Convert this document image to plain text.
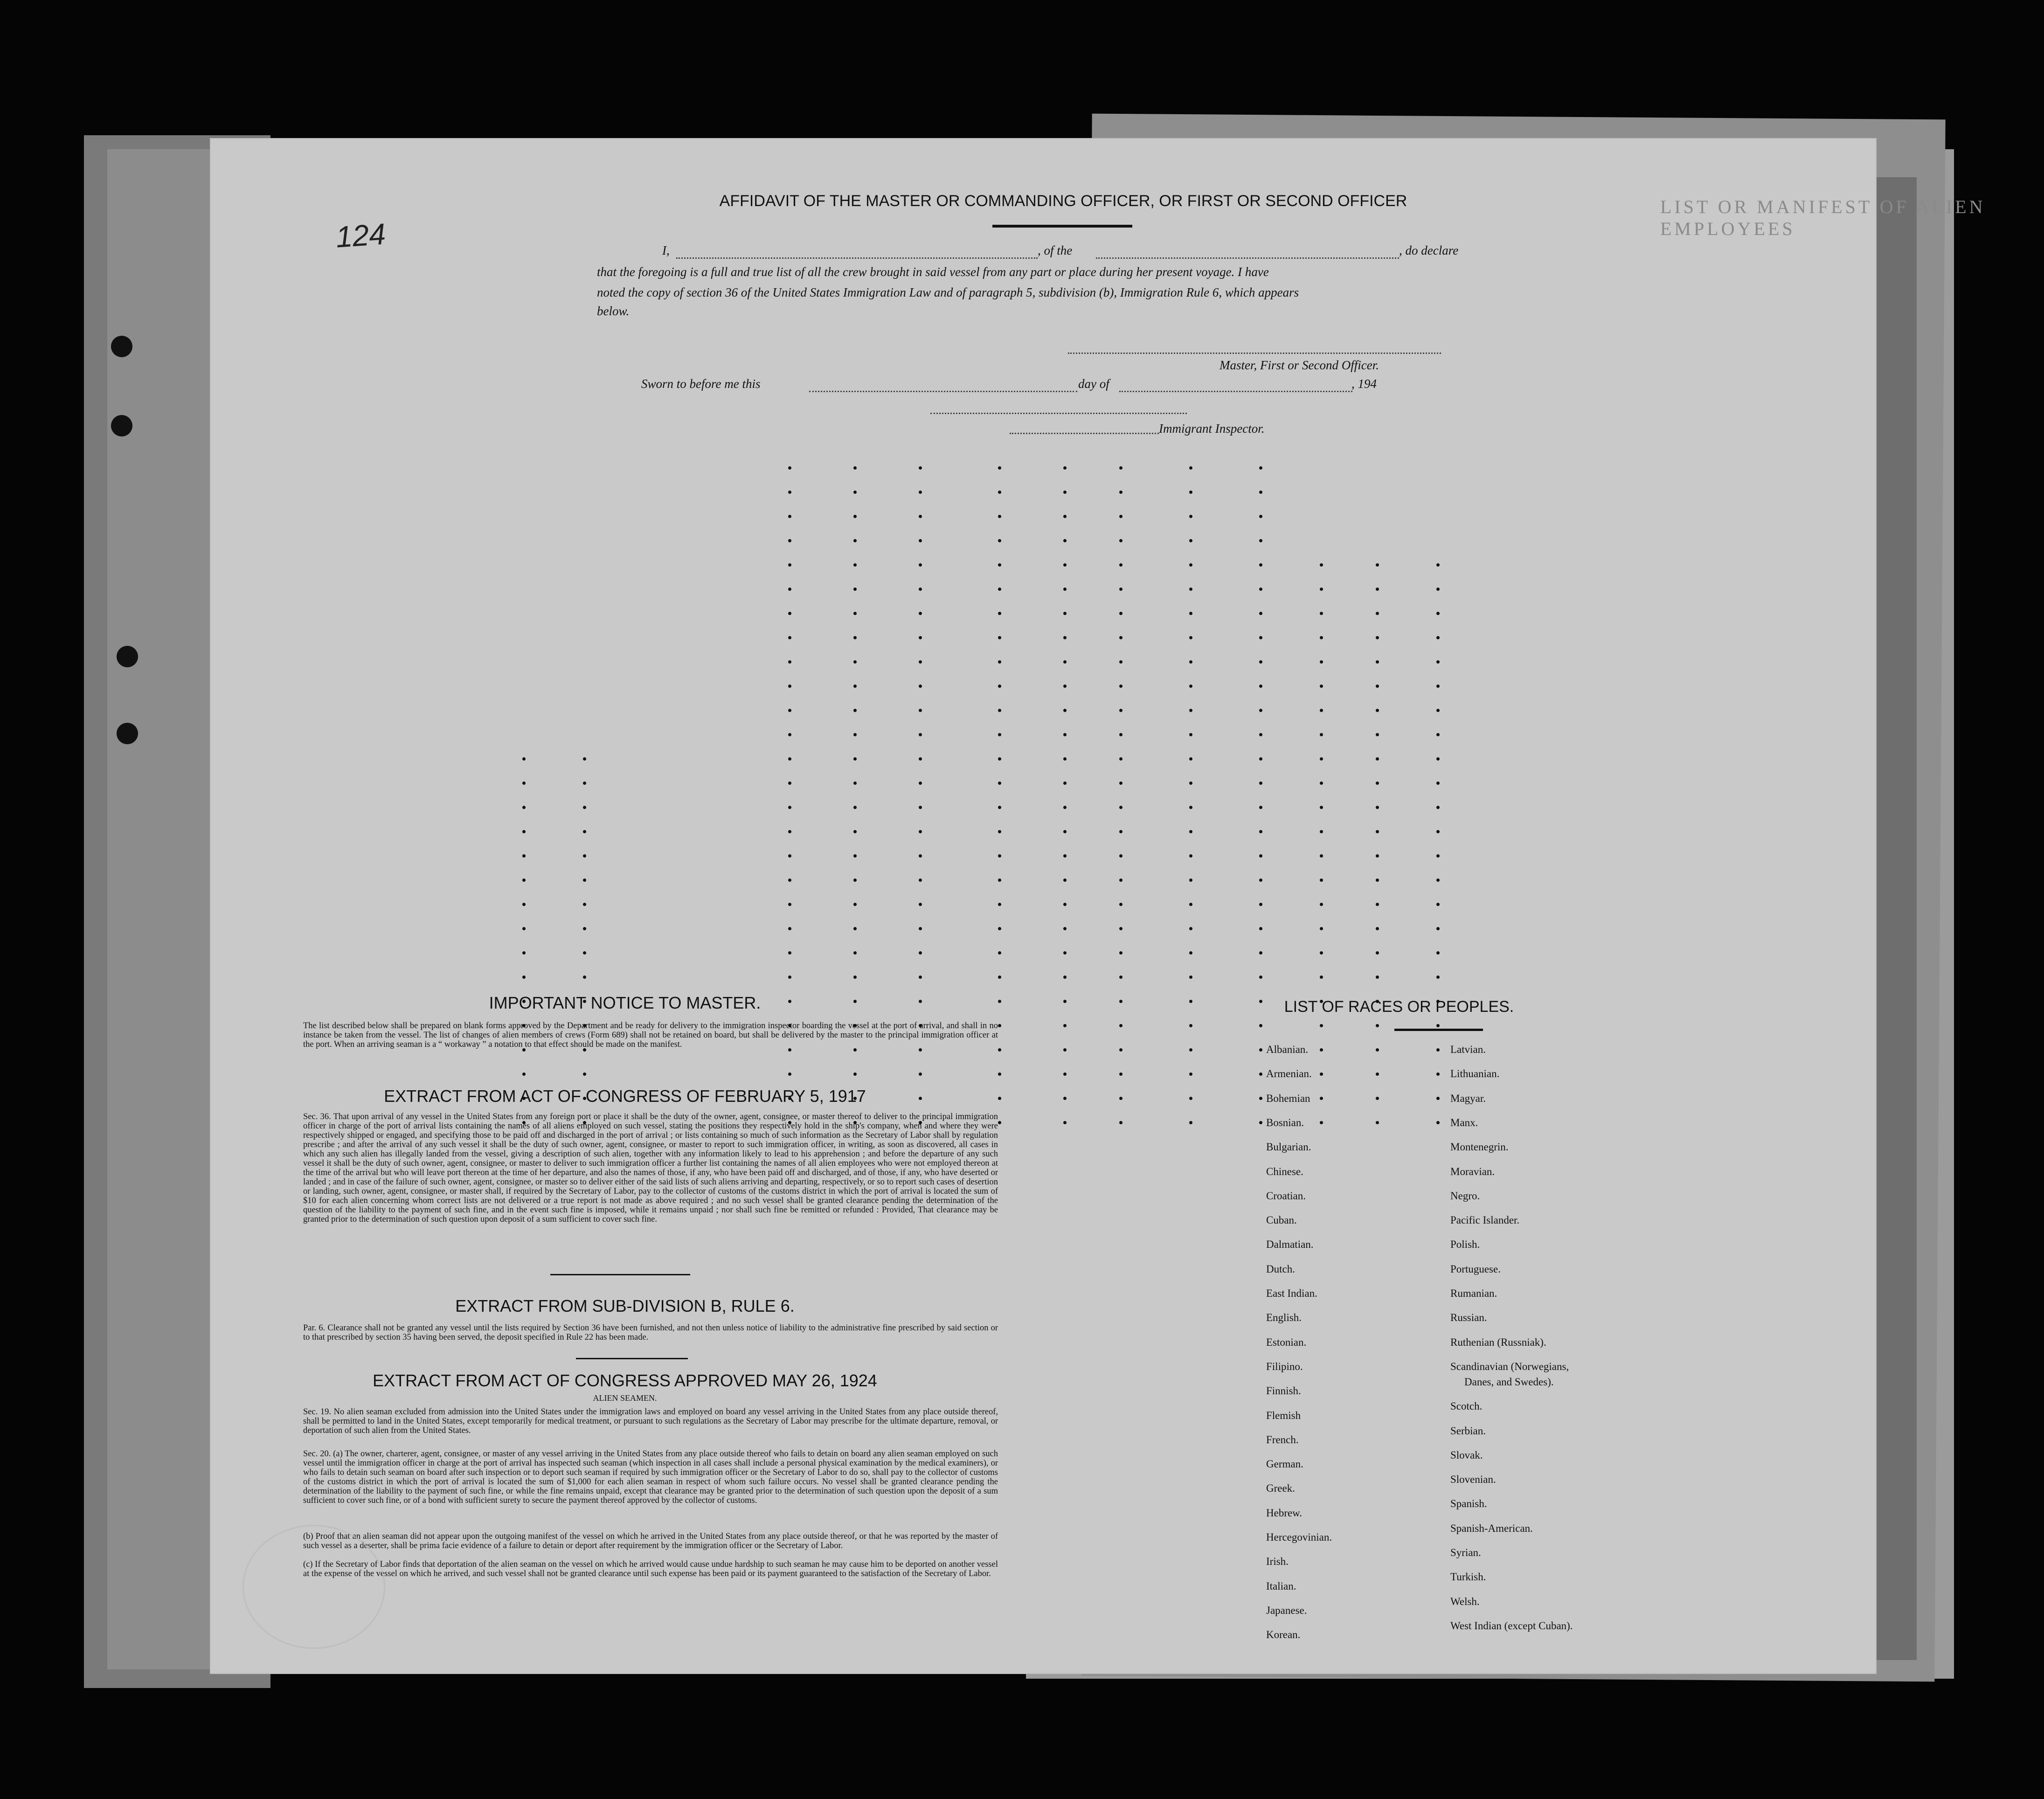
LIST OR MANIFEST OF ALIEN EMPLOYEES
124
AFFIDAVIT OF THE MASTER OR COMMANDING OFFICER, OR FIRST OR SECOND OFFICER
I,	, of the	, do declare
that the foregoing is a full and true list of all the crew brought in said vessel from any part or place during her present voyage. I have
noted the copy of section 36 of the United States Immigration Law and of paragraph 5, subdivision (b), Immigration Rule 6, which appears
below.
Master, First or Second Officer.
Sworn to before me this	day of	, 194
Immigrant Inspector.
IMPORTANT NOTICE TO MASTER.
The list described below shall be prepared on blank forms approved by the Department and be ready for delivery to the immigration inspector boarding the vessel at the port of arrival, and shall in no instance be taken from the vessel. The list of changes of alien members of crews (Form 689) shall not be retained on board, but shall be delivered by the master to the principal immigration officer at the port. When an arriving seaman is a “ workaway ” a notation to that effect should be made on the manifest.
EXTRACT FROM ACT OF CONGRESS OF FEBRUARY 5, 1917
Sec. 36. That upon arrival of any vessel in the United States from any foreign port or place it shall be the duty of the owner, agent, consignee, or master thereof to deliver to the principal immigration officer in charge of the port of arrival lists containing the names of all aliens employed on such vessel, stating the positions they respectively hold in the ship's company, when and where they were respectively shipped or engaged, and specifying those to be paid off and discharged in the port of arrival ; or lists containing so much of such information as the Secretary of Labor shall by regulation prescribe ; and after the arrival of any such vessel it shall be the duty of such owner, agent, consignee, or master to report to such immigration officer, in writing, as soon as discovered, all cases in which any such alien has illegally landed from the vessel, giving a description of such alien, together with any information likely to lead to his apprehension ; and before the departure of any such vessel it shall be the duty of such owner, agent, consignee, or master to deliver to such immigration officer a further list containing the names of all alien employees who were not employed thereon at the time of the arrival but who will leave port thereon at the time of her departure, and also the names of those, if any, who have been paid off and discharged, and of those, if any, who have deserted or landed ; and in case of the failure of such owner, agent, consignee, or master so to deliver either of the said lists of such aliens arriving and departing, respectively, or so to report such cases of desertion or landing, such owner, agent, consignee, or master shall, if required by the Secretary of Labor, pay to the collector of customs of the customs district in which the port of arrival is located the sum of $10 for each alien concerning whom correct lists are not delivered or a true report is not made as above required ; and no such vessel shall be granted clearance pending the determination of the question of the liability to the payment of such fine, and in the event such fine is imposed, while it remains unpaid ; nor shall such fine be remitted or refunded : Provided, That clearance may be granted prior to the determination of such question upon deposit of a sum sufficient to cover such fine.
EXTRACT FROM SUB-DIVISION B, RULE 6.
Par. 6. Clearance shall not be granted any vessel until the lists required by Section 36 have been furnished, and not then unless notice of liability to the administrative fine prescribed by said section or to that prescribed by section 35 having been served, the deposit specified in Rule 22 has been made.
EXTRACT FROM ACT OF CONGRESS APPROVED MAY 26, 1924
ALIEN SEAMEN.
Sec. 19. No alien seaman excluded from admission into the United States under the immigration laws and employed on board any vessel arriving in the United States from any place outside thereof, shall be permitted to land in the United States, except temporarily for medical treatment, or pursuant to such regulations as the Secretary of Labor may prescribe for the ultimate departure, removal, or deportation of such alien from the United States.
Sec. 20. (a) The owner, charterer, agent, consignee, or master of any vessel arriving in the United States from any place outside thereof who fails to detain on board any alien seaman employed on such vessel until the immigration officer in charge at the port of arrival has inspected such seaman (which inspection in all cases shall include a personal physical examination by the medical examiners), or who fails to detain such seaman on board after such inspection or to deport such seaman if required by such immigration officer or the Secretary of Labor to do so, shall pay to the collector of customs of the customs district in which the port of arrival is located the sum of $1,000 for each alien seaman in respect of whom such failure occurs. No vessel shall be granted clearance pending the determination of the liability to the payment of such fine, or while the fine remains unpaid, except that clearance may be granted prior to the determination of such question upon the deposit of a sum sufficient to cover such fine, or of a bond with sufficient surety to secure the payment thereof approved by the collector of customs.
(b) Proof that an alien seaman did not appear upon the outgoing manifest of the vessel on which he arrived in the United States from any place outside thereof, or that he was reported by the master of such vessel as a deserter, shall be prima facie evidence of a failure to detain or deport after requirement by the immigration officer or the Secretary of Labor.
(c) If the Secretary of Labor finds that deportation of the alien seaman on the vessel on which he arrived would cause undue hardship to such seaman he may cause him to be deported on another vessel at the expense of the vessel on which he arrived, and such vessel shall not be granted clearance until such expense has been paid or its payment guaranteed to the satisfaction of the Secretary of Labor.
LIST OF RACES OR PEOPLES.
Albanian.
Armenian.
Bohemian
Bosnian.
Bulgarian.
Chinese.
Croatian.
Cuban.
Dalmatian.
Dutch.
East Indian.
English.
Estonian.
Filipino.
Finnish.
Flemish
French.
German.
Greek.
Hebrew.
Hercegovinian.
Irish.
Italian.
Japanese.
Korean.
Latvian.
Lithuanian.
Magyar.
Manx.
Montenegrin.
Moravian.
Negro.
Pacific Islander.
Polish.
Portuguese.
Rumanian.
Russian.
Ruthenian (Russniak).
Scandinavian (Norwegians,
Danes, and Swedes).
Scotch.
Serbian.
Slovak.
Slovenian.
Spanish.
Spanish-American.
Syrian.
Turkish.
Welsh.
West Indian (except Cuban).
